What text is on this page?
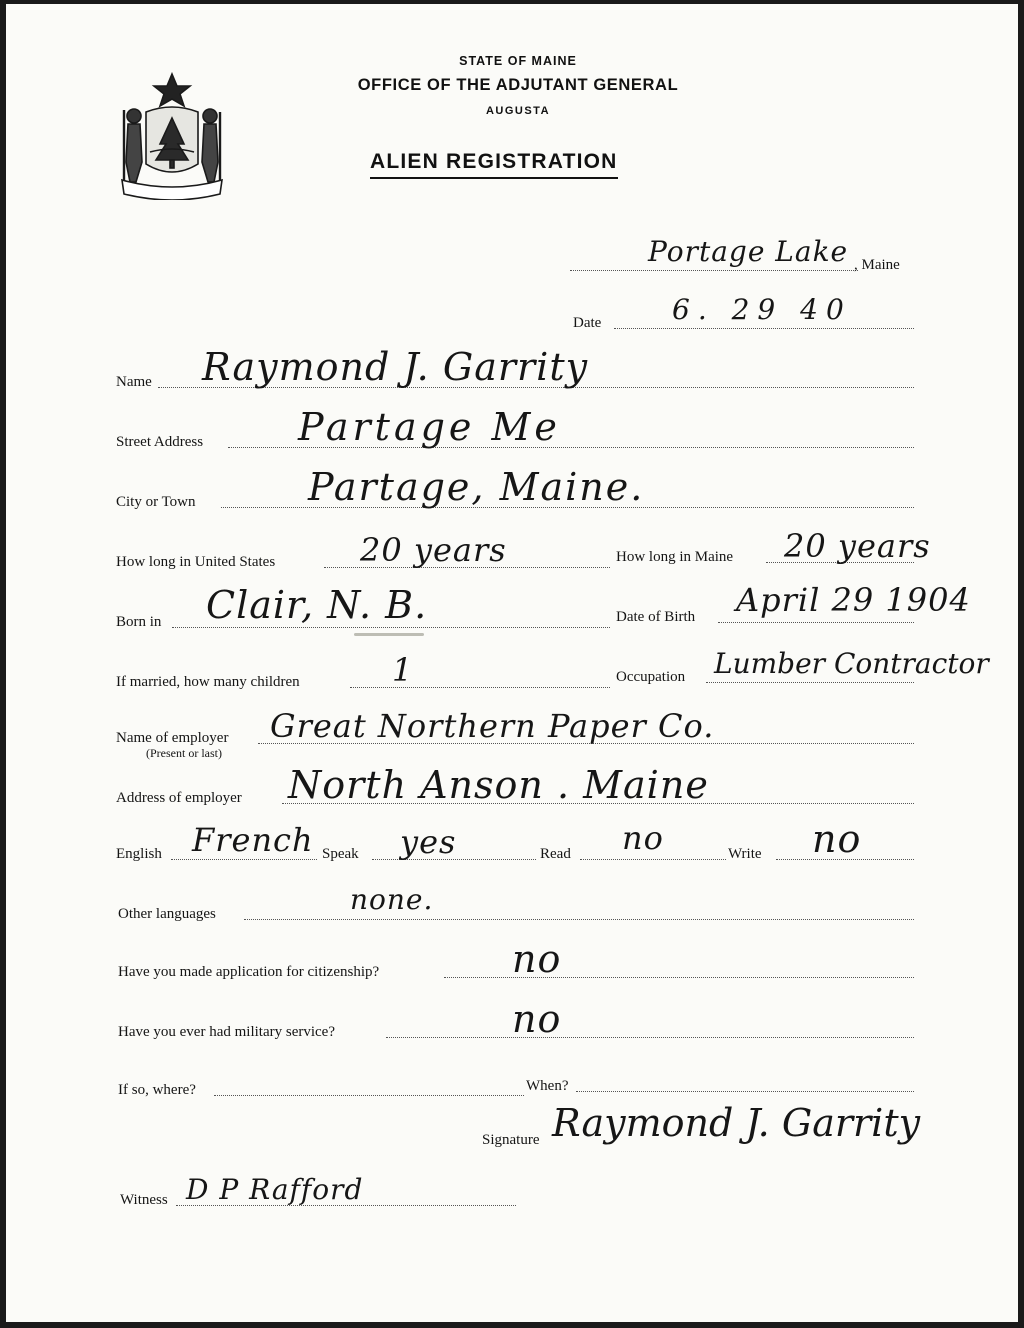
STATE OF MAINE
OFFICE OF THE ADJUTANT GENERAL
AUGUSTA
ALIEN REGISTRATION
Portage Lake , Maine
Date	6. 29 40
Name Raymond J. Garrity
Street Address Partage Me
City or Town	Partage, Maine.
How long in United States	20 years	How long in Maine 20 years
Born in Clair, N. B.	Date of Birth April 29 1904
If married, how many children	1	Occupation Lumber Contractor
Name of employer
(Present or last)
Great Northern Paper Co.
Address of employer North Anson . Maine
English French Speak yes	Read no	Write no
Other languages	none.
Have you made application for citizenship?	no
Have you ever had military service?	no
If so, where?	When?
Signature Raymond J. Garrity
Witness D P Rafford
